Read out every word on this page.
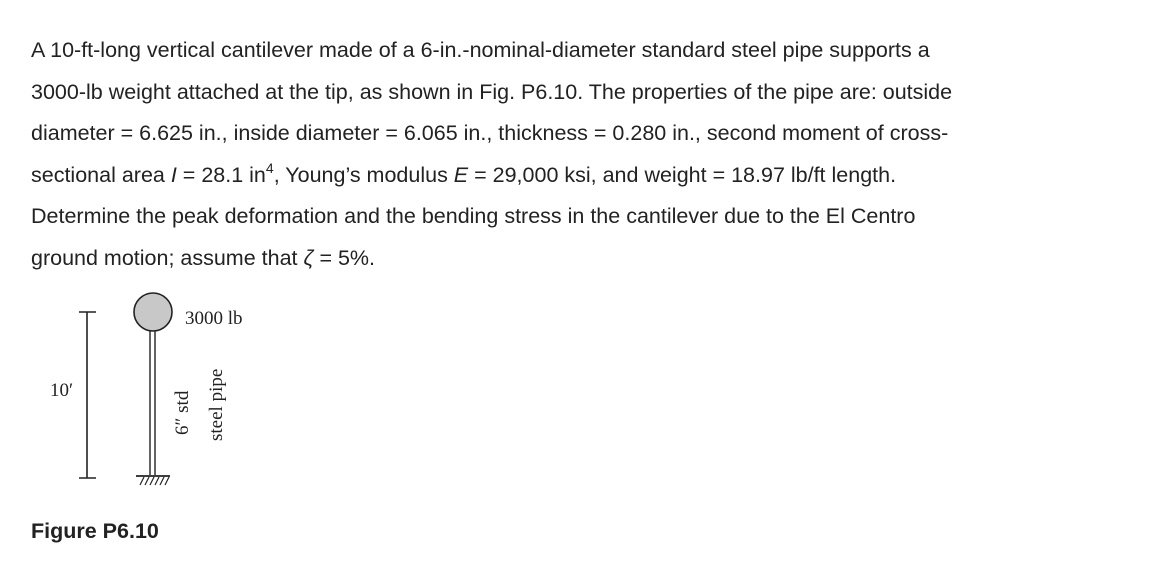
A 10-ft-long vertical cantilever made of a 6-in.-nominal-diameter standard steel pipe supports a
3000-lb weight attached at the tip, as shown in Fig. P6.10. The properties of the pipe are: outside
diameter = 6.625 in., inside diameter = 6.065 in., thickness = 0.280 in., second moment of cross-
sectional area I = 28.1 $in^4$, Young’s modulus E = 29,000 ksi, and weight = 18.97 lb/ft length.
Determine the peak deformation and the bending stress in the cantilever due to the El Centro
ground motion; assume that ζ = 5%.
10′
3000 lb
6″ std steel pipe
Figure P6.10
